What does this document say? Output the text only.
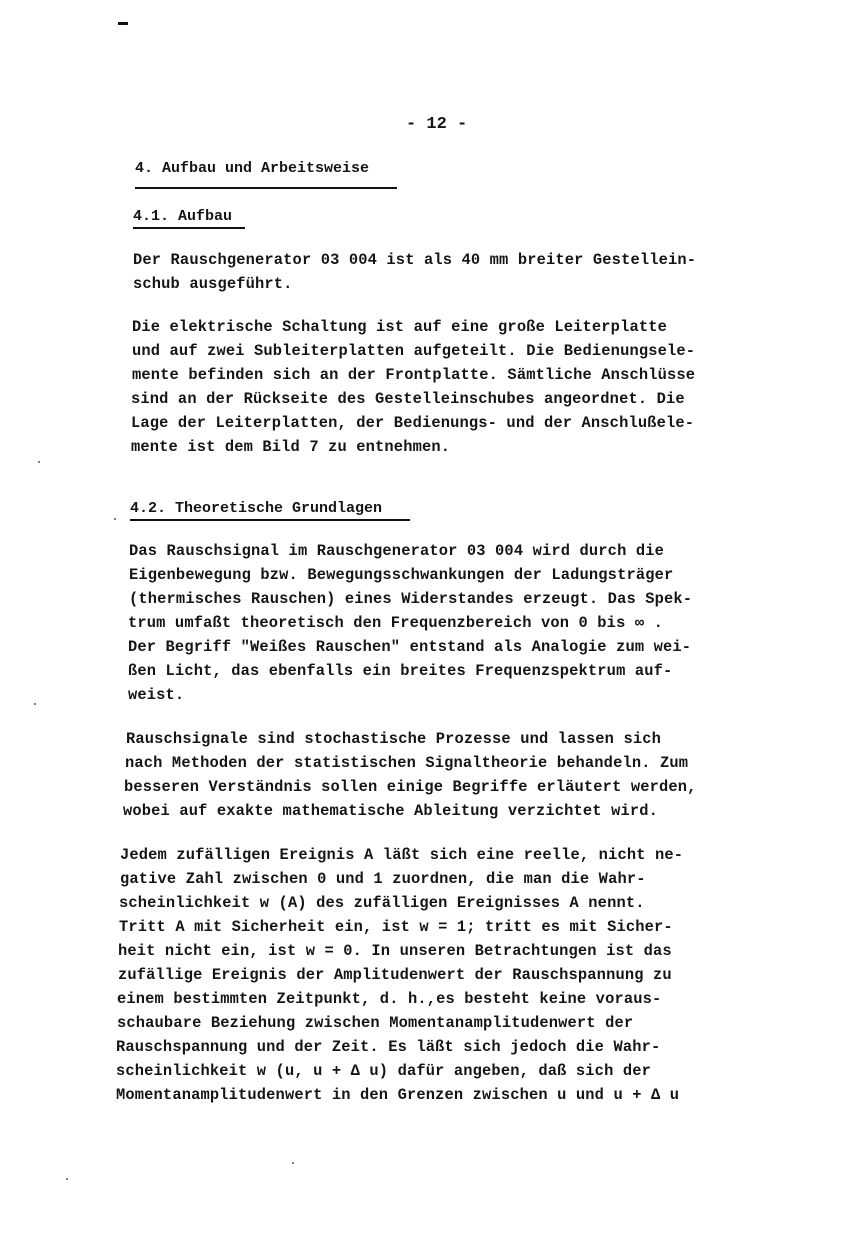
- 12 -
4. Aufbau und Arbeitsweise
4.1. Aufbau
Der Rauschgenerator 03 004 ist als 40 mm breiter Gestellein-
schub ausgeführt.
Die elektrische Schaltung ist auf eine große Leiterplatte
und auf zwei Subleiterplatten aufgeteilt. Die Bedienungsele-
mente befinden sich an der Frontplatte. Sämtliche Anschlüsse
sind an der Rückseite des Gestelleinschubes angeordnet. Die
Lage der Leiterplatten, der Bedienungs- und der Anschlußele-
mente ist dem Bild 7 zu entnehmen.
4.2. Theoretische Grundlagen
Das Rauschsignal im Rauschgenerator 03 004 wird durch die
Eigenbewegung bzw. Bewegungsschwankungen der Ladungsträger
(thermisches Rauschen) eines Widerstandes erzeugt. Das Spek-
trum umfaßt theoretisch den Frequenzbereich von 0 bis ∞ .
Der Begriff "Weißes Rauschen" entstand als Analogie zum wei-
ßen Licht, das ebenfalls ein breites Frequenzspektrum auf-
weist.
Rauschsignale sind stochastische Prozesse und lassen sich
nach Methoden der statistischen Signaltheorie behandeln. Zum
besseren Verständnis sollen einige Begriffe erläutert werden,
wobei auf exakte mathematische Ableitung verzichtet wird.
Jedem zufälligen Ereignis A läßt sich eine reelle, nicht ne-
gative Zahl zwischen 0 und 1 zuordnen, die man die Wahr-
scheinlichkeit w (A) des zufälligen Ereignisses A nennt.
Tritt A mit Sicherheit ein, ist w = 1; tritt es mit Sicher-
heit nicht ein, ist w = 0. In unseren Betrachtungen ist das
zufällige Ereignis der Amplitudenwert der Rauschspannung zu
einem bestimmten Zeitpunkt, d. h.,es besteht keine voraus-
schaubare Beziehung zwischen Momentanamplitudenwert der
Rauschspannung und der Zeit. Es läßt sich jedoch die Wahr-
scheinlichkeit w (u, u + Δ u) dafür angeben, daß sich der
Momentanamplitudenwert in den Grenzen zwischen u und u + Δ u
